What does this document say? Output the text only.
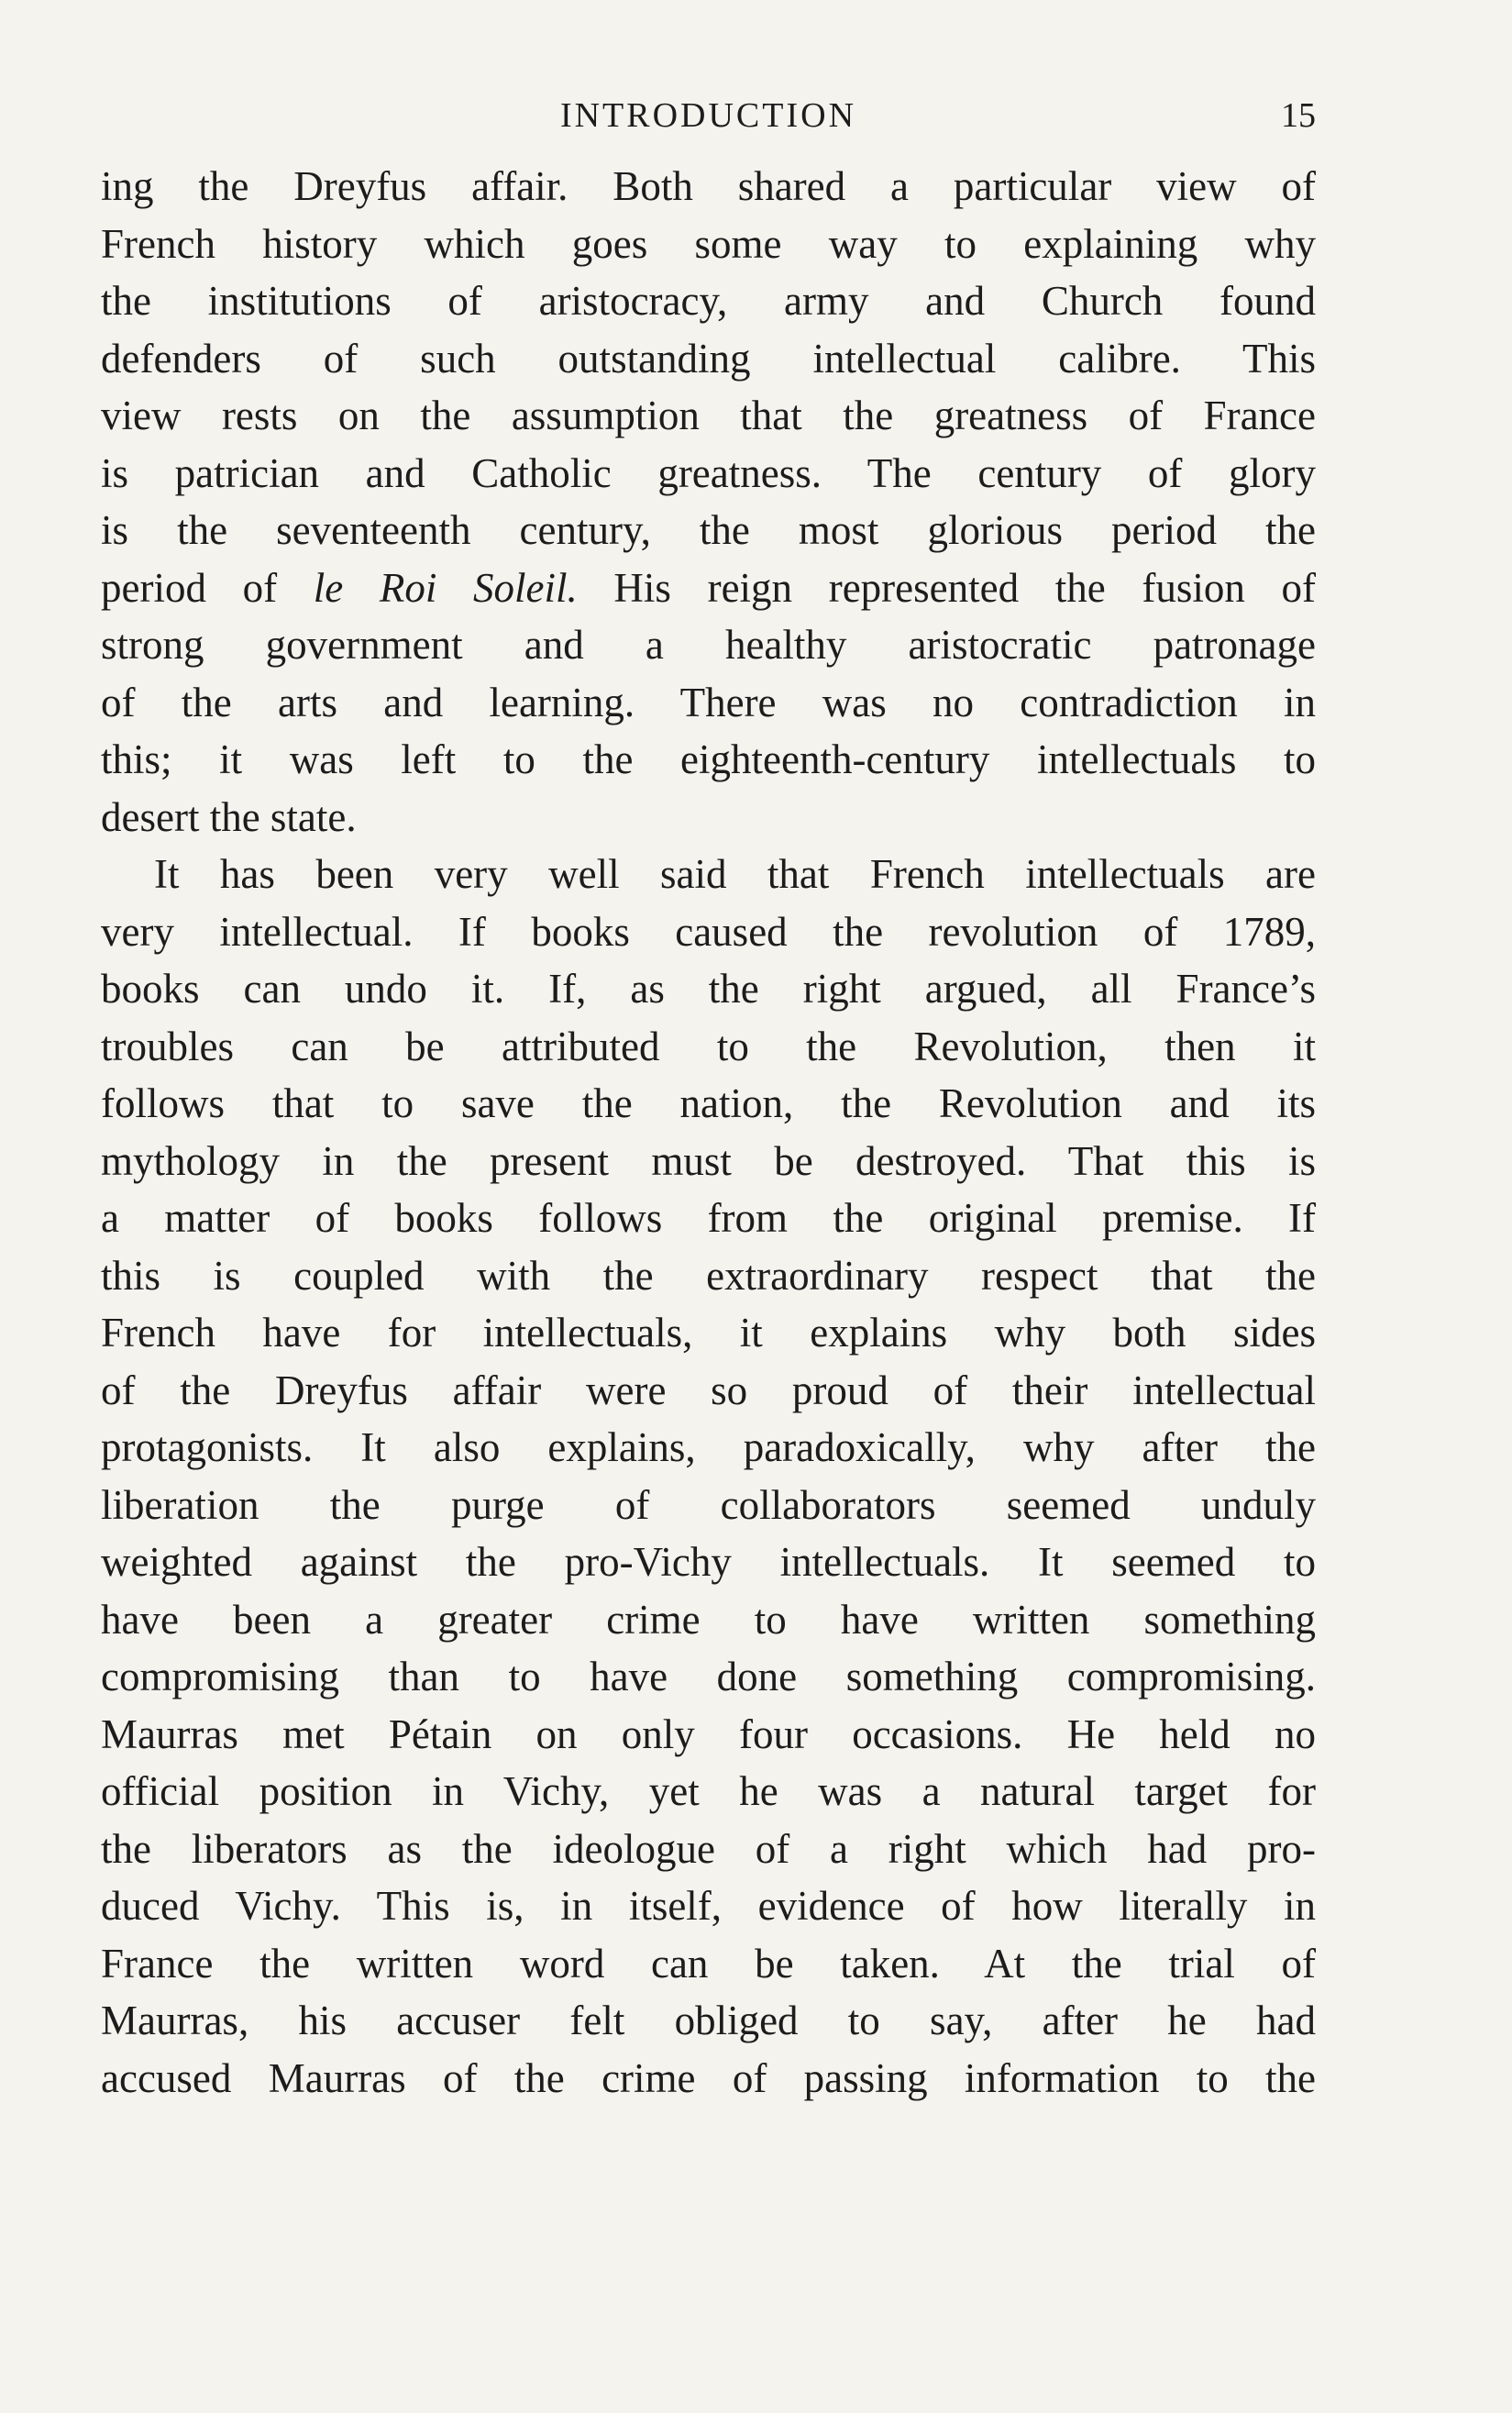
INTRODUCTION	15
ing the Dreyfus affair. Both shared a particular view of
French history which goes some way to explaining why
the institutions of aristocracy, army and Church found
defenders of such outstanding intellectual calibre. This
view rests on the assumption that the greatness of France
is patrician and Catholic greatness. The century of glory
is the seventeenth century, the most glorious period the
period of le Roi Soleil. His reign represented the fusion of
strong government and a healthy aristocratic patronage
of the arts and learning. There was no contradiction in
this; it was left to the eighteenth-century intellectuals to
desert the state.
It has been very well said that French intellectuals are
very intellectual. If books caused the revolution of 1789,
books can undo it. If, as the right argued, all France’s
troubles can be attributed to the Revolution, then it
follows that to save the nation, the Revolution and its
mythology in the present must be destroyed. That this is
a matter of books follows from the original premise. If
this is coupled with the extraordinary respect that the
French have for intellectuals, it explains why both sides
of the Dreyfus affair were so proud of their intellectual
protagonists. It also explains, paradoxically, why after the
liberation the purge of collaborators seemed unduly
weighted against the pro-Vichy intellectuals. It seemed to
have been a greater crime to have written something
compromising than to have done something compromising.
Maurras met Pétain on only four occasions. He held no
official position in Vichy, yet he was a natural target for
the liberators as the ideologue of a right which had pro-
duced Vichy. This is, in itself, evidence of how literally in
France the written word can be taken. At the trial of
Maurras, his accuser felt obliged to say, after he had
accused Maurras of the crime of passing information to the
